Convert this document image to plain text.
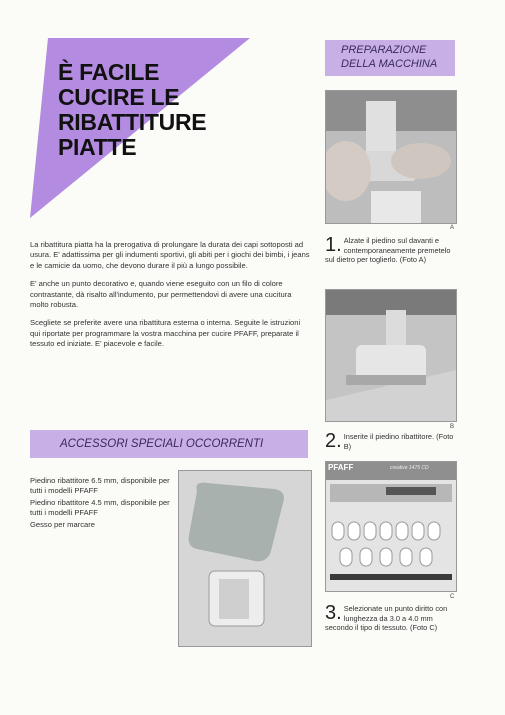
È FACILE
CUCIRE LE
RIBATTITURE
PIATTE
PREPARAZIONE
DELLA MACCHINA

La ribattitura piatta ha la prerogativa di prolungare la durata dei capi sottoposti ad usura. E' adattissima per gli indumenti sportivi, gli abiti per i giochi dei bimbi, i jeans e le camicie da uomo, che devono durare il più a lungo possibile.

E' anche un punto decorativo e, quando viene eseguito con un filo di colore contrastante, dà risalto all'indumento, pur permettendovi di avere una cucitura molto robusta.

Scegliete se preferite avere una ribattitura esterna o interna. Seguite le istruzioni qui riportate per programmare la vostra macchina per cucire PFAFF, preparate il tessuto ed iniziate. E' piacevole e facile.

A
1. Alzate il piedino sul davanti e contemporaneamente premetelo sul dietro per toglierlo. (Foto A)
B
2. Inserite il piedino ribattitore. (Foto B)
ACCESSORI SPECIALI OCCORRENTI
Piedino ribattitore 6.5 mm, disponibile per tutti i modelli PFAFF
Piedino ribattitore 4.5 mm, disponibile per tutti i modelli PFAFF
Gesso per marcare
PFAFF	creative 1475 CD
C
3. Selezionate un punto diritto con lunghezza da 3.0 a 4.0 mm secondo il tipo di tessuto. (Foto C)
